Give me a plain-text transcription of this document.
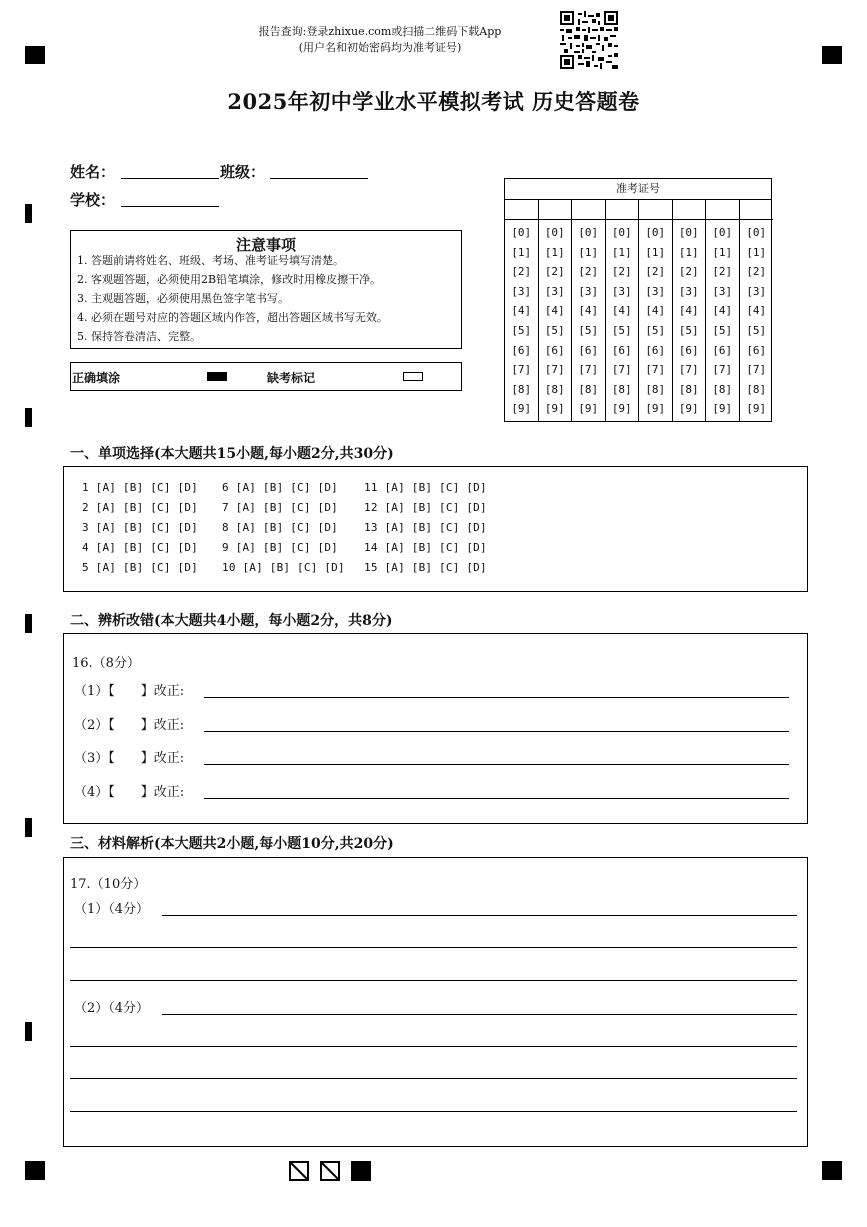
报告查询:登录zhixue.com或扫描二维码下载App
(用户名和初始密码均为准考证号)
2025年初中学业水平模拟考试 历史答题卷
姓名：	班级：
学校：
注意事项
1. 答题前请将姓名、班级、考场、准考证号填写清楚。
2. 客观题答题，必须使用2B铅笔填涂，修改时用橡皮擦干净。
3. 主观题答题，必须使用黑色签字笔书写。
4. 必须在题号对应的答题区域内作答，超出答题区域书写无效。
5. 保持答卷清洁、完整。
正确填涂	缺考标记
准考证号
[0]
[1]
[2]
[3]
[4]
[5]
[6]
[7]
[8]
[9]
[0]
[1]
[2]
[3]
[4]
[5]
[6]
[7]
[8]
[9]
[0]
[1]
[2]
[3]
[4]
[5]
[6]
[7]
[8]
[9]
[0]
[1]
[2]
[3]
[4]
[5]
[6]
[7]
[8]
[9]
[0]
[1]
[2]
[3]
[4]
[5]
[6]
[7]
[8]
[9]
[0]
[1]
[2]
[3]
[4]
[5]
[6]
[7]
[8]
[9]
[0]
[1]
[2]
[3]
[4]
[5]
[6]
[7]
[8]
[9]
[0]
[1]
[2]
[3]
[4]
[5]
[6]
[7]
[8]
[9]
一、单项选择(本大题共15小题,每小题2分,共30分)
1 [A] [B] [C] [D] 6 [A] [B] [C] [D] 11 [A] [B] [C] [D]
2 [A] [B] [C] [D] 7 [A] [B] [C] [D] 12 [A] [B] [C] [D]
3 [A] [B] [C] [D] 8 [A] [B] [C] [D] 13 [A] [B] [C] [D]
4 [A] [B] [C] [D] 9 [A] [B] [C] [D] 14 [A] [B] [C] [D]
5 [A] [B] [C] [D] 10 [A] [B] [C] [D] 15 [A] [B] [C] [D]
二、辨析改错(本大题共4小题，每小题2分，共8分)
16.（8分）
（1）【　　】改正:
（2）【　　】改正:
（3）【　　】改正:
（4）【　　】改正:
三、材料解析(本大题共2小题,每小题10分,共20分)
17.（10分）
（1）（4分）
（2）（4分）
